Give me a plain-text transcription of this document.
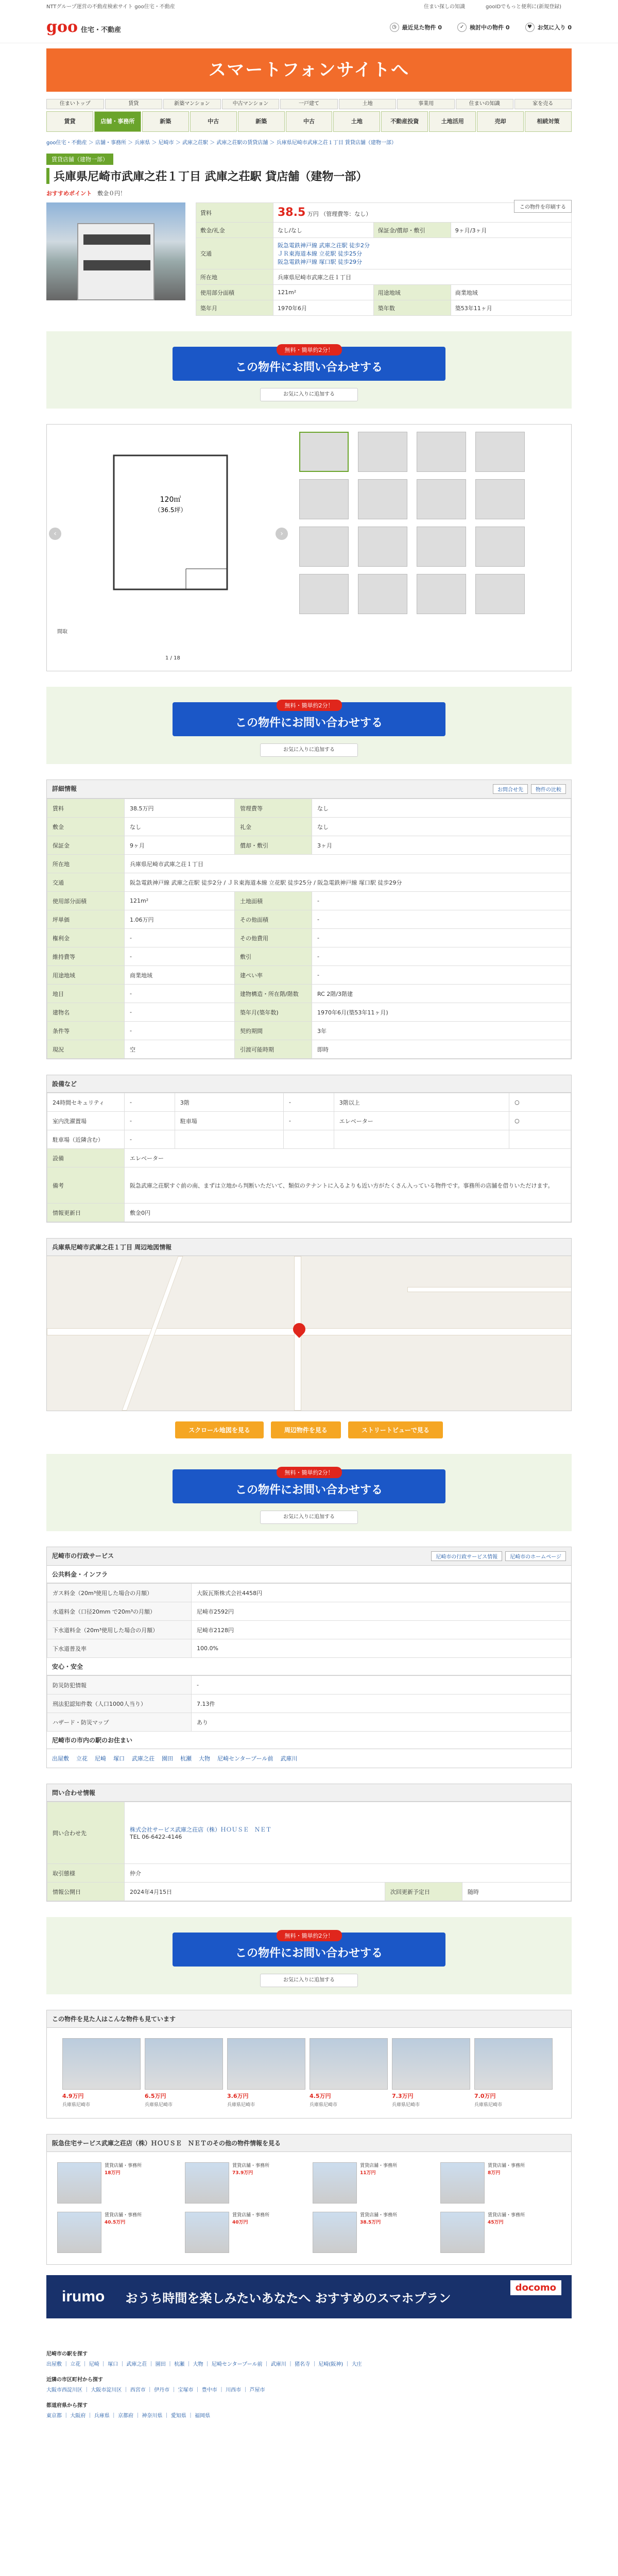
NTTグループ運営の不動産検索サイト goo住宅・不動産	住まい探しの知識	gooIDでもっと便利に(新規登録)
goo 住宅・不動産	◷ 最近見た物件 0	✓ 検討中の物件 0	♥ お気に入り 0
スマートフォンサイトへ
住まいトップ	賃貸	新築マンション	中古マンション	一戸建て	土地	事業用	住まいの知識	家を売る
賃貸	店舗・事務所	新築	中古	新築	中古	土地	不動産投資	土地活用	売却	相続対策
goo住宅・不動産 ＞ 店舗・事務所 ＞ 兵庫県 ＞ 尼崎市 ＞ 武庫之荘駅 ＞ 武庫之荘駅の賃貸店舗 ＞ 兵庫県尼崎市武庫之荘１丁目 賃貸店舗（建物一部）
賃貸店舗（建物一部）
兵庫県尼崎市武庫之荘１丁目 武庫之荘駅 貸店舗（建物一部）
この物件を印刷する
おすすめポイント　 敷金０円！
賃料	38.5 万円 （管理費等：なし）		
敷金/礼金	なし/なし	保証金/償却・敷引	9ヶ月/3ヶ月
交通	阪急電鉄神戸線 武庫之荘駅 徒歩2分
ＪＲ東海道本線 立花駅 徒歩25分
阪急電鉄神戸線 塚口駅 徒歩29分		

所在地	兵庫県尼崎市武庫之荘１丁目		
使用部分面積	121m²	用途地域	商業地域
築年月	1970年6月	築年数	築53年11ヶ月
無料・簡単約2分！
この物件にお問い合わせする
お気に入りに追加する
120㎡
（36.5坪）
間取
‹	›
1 / 18
無料・簡単約2分！
この物件にお問い合わせする
お気に入りに追加する
詳細情報	お問合せ先	物件の比較
賃料	38.5万円	管理費等	なし
敷金	なし	礼金	なし
保証金	9ヶ月	償却・敷引	3ヶ月
所在地	兵庫県尼崎市武庫之荘１丁目		
交通	阪急電鉄神戸線 武庫之荘駅 徒歩2分 / ＪＲ東海道本線 立花駅 徒歩25分 / 阪急電鉄神戸線 塚口駅 徒歩29分		
使用部分面積	121m²	土地面積	-
坪単価	1.06万円	その他面積	-
権利金	-	その他費用	-
維持費等	-	敷引	-
用途地域	商業地域	建ぺい率	-
地目	-	建物構造・所在階/階数	RC 2階/3階建
建物名	-	築年月(築年数)	1970年6月(築53年11ヶ月)
条件等	-	契約期間	3年
現況	空	引渡可能時期	即時
設備など
24時間セキュリティ	-	3階	-	3階以上	○
室内洗濯置場	-	駐車場	-	エレベーター	○
駐車場（近隣含む）	-				
設備	エレベーター				
備考	阪急武庫之荘駅すぐ前の南、まずは立地から判断いただいて、類似のテナントに入るよりも近い方がたくさん入っている物件です。事務所の店舗を借りいただけます。				
情報更新日	敷金0円				
兵庫県尼崎市武庫之荘１丁目 周辺地図情報
スクロール地図を見る	周辺物件を見る	ストリートビューで見る
無料・簡単約2分！
この物件にお問い合わせする
お気に入りに追加する
尼崎市の行政サービス	尼崎市の行政サービス情報	尼崎市のホームページ
公共料金・インフラ
ガス料金（20m³使用した場合の月額）	大阪瓦斯株式会社4458円
水道料金（口径20mm で20m³の月額）	尼崎市2592円
下水道料金（20m³使用した場合の月額）	尼崎市2128円
下水道普及率	100.0%
安心・安全
防災防犯情報	-
刑法犯認知件数（人口1000人当り）	7.13件
ハザード・防災マップ	あり
尼崎市の市内の駅のお住まい
出屋敷 立花 尼崎 塚口 武庫之荘 園田 杭瀬 大物 尼崎センタープール前 武庫川
問い合わせ情報
問い合わせ先	株式会社サービス武庫之荘店（株）ＨＯＵＳＥ　ＮＥＴ
TEL 06-6422-4146		

取引態様	仲介		
情報公開日	2024年4月15日	次回更新予定日	随時
無料・簡単約2分！
この物件にお問い合わせする
お気に入りに追加する
この物件を見た人はこんな物件も見ています
4.9万円
兵庫県尼崎市
6.5万円
兵庫県尼崎市
3.6万円
兵庫県尼崎市
4.5万円
兵庫県尼崎市
7.3万円
兵庫県尼崎市
7.0万円
兵庫県尼崎市
阪急住宅サービス武庫之荘店（株）ＨＯＵＳＥ　ＮＥＴのその他の物件情報を見る
賃貸店舗・事務所
18万円
賃貸店舗・事務所
73.9万円
賃貸店舗・事務所
11万円
賃貸店舗・事務所
8万円
賃貸店舗・事務所
40.5万円
賃貸店舗・事務所
40万円
賃貸店舗・事務所
38.5万円
賃貸店舗・事務所
45万円
irumo おうち時間を楽しみたいあなたへ おすすめのスマホプラン
docomo
尼崎市の駅を探す
出屋敷 ｜ 立花 ｜ 尼崎 ｜ 塚口 ｜ 武庫之荘 ｜ 園田 ｜ 杭瀬 ｜ 大物 ｜ 尼崎センタープール前 ｜ 武庫川 ｜ 猪名寺 ｜ 尼崎(阪神) ｜ 大庄
近隣の市区町村から探す
大阪市西淀川区 ｜ 大阪市淀川区 ｜ 西宮市 ｜ 伊丹市 ｜ 宝塚市 ｜ 豊中市 ｜ 川西市 ｜ 芦屋市
都道府県から探す
東京都 ｜ 大阪府 ｜ 兵庫県 ｜ 京都府 ｜ 神奈川県 ｜ 愛知県 ｜ 福岡県
